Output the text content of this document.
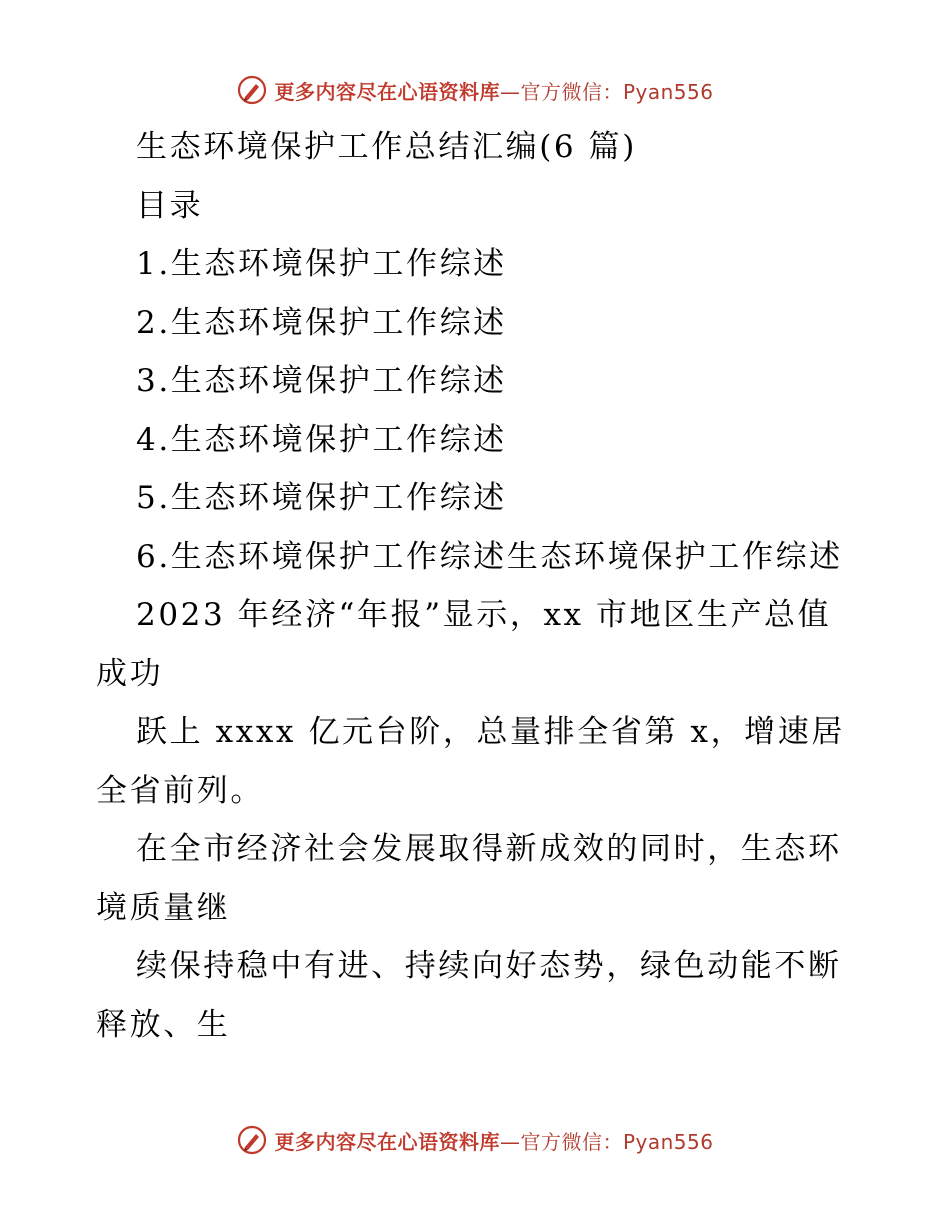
更多内容尽在心语资料库—官方微信：Pyan556
生态环境保护工作总结汇编(6 篇)
目录
1.生态环境保护工作综述
2.生态环境保护工作综述
3.生态环境保护工作综述
4.生态环境保护工作综述
5.生态环境保护工作综述
6.生态环境保护工作综述生态环境保护工作综述
2023 年经济“年报”显示，xx 市地区生产总值
成功
跃上 xxxx 亿元台阶，总量排全省第 x，增速居
全省前列。
在全市经济社会发展取得新成效的同时，生态环
境质量继
续保持稳中有进、持续向好态势，绿色动能不断
释放、生
更多内容尽在心语资料库—官方微信：Pyan556
